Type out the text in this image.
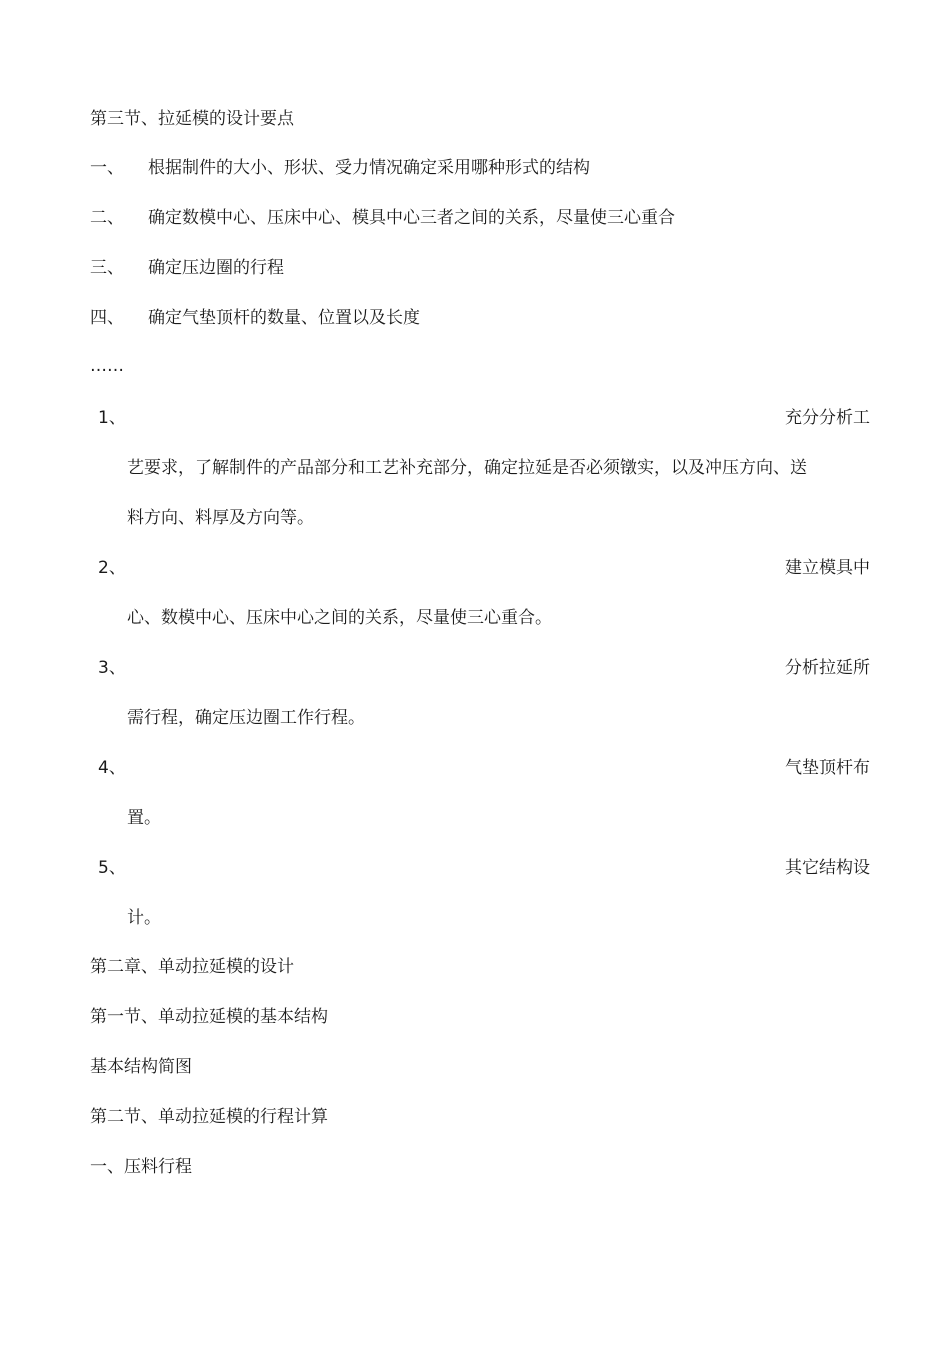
第三节、拉延模的设计要点
一、 根据制件的大小、形状、受力情况确定采用哪种形式的结构
二、 确定数模中心、压床中心、模具中心三者之间的关系，尽量使三心重合
三、 确定压边圈的行程
四、 确定气垫顶杆的数量、位置以及长度
……
1、	充分分析工
艺要求，了解制件的产品部分和工艺补充部分，确定拉延是否必须镦实，以及冲压方向、送
料方向、料厚及方向等。
2、	建立模具中
心、数模中心、压床中心之间的关系，尽量使三心重合。
3、	分析拉延所
需行程，确定压边圈工作行程。
4、	气垫顶杆布
置。
5、	其它结构设
计。
第二章、单动拉延模的设计
第一节、单动拉延模的基本结构
基本结构简图
第二节、单动拉延模的行程计算
一、压料行程
